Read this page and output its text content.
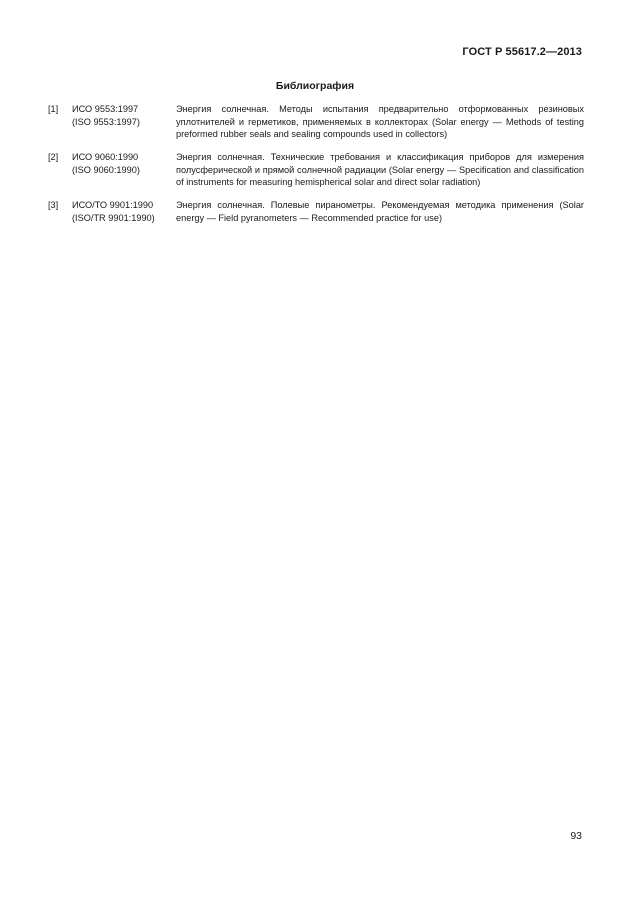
ГОСТ Р 55617.2—2013
Библиография
[1]	ИСО 9553:1997
(ISO 9553:1997)
Энергия солнечная. Методы испытания предварительно отформованных резиновых уплотнителей и герметиков, применяемых в коллекторах (Solar energy — Methods of testing preformed rubber seals and sealing compounds used in collectors)
[2]	ИСО 9060:1990
(ISO 9060:1990)
Энергия солнечная. Технические требования и классификация приборов для измерения полусферической и прямой солнечной радиации (Solar energy — Specification and classification of instruments for measuring hemispherical solar and direct solar radiation)
[3]	ИСО/ТО 9901:1990
(ISO/TR 9901:1990)
Энергия солнечная. Полевые пиранометры. Рекомендуемая методика применения (Solar energy — Field pyranometers — Recommended practice for use)
93
